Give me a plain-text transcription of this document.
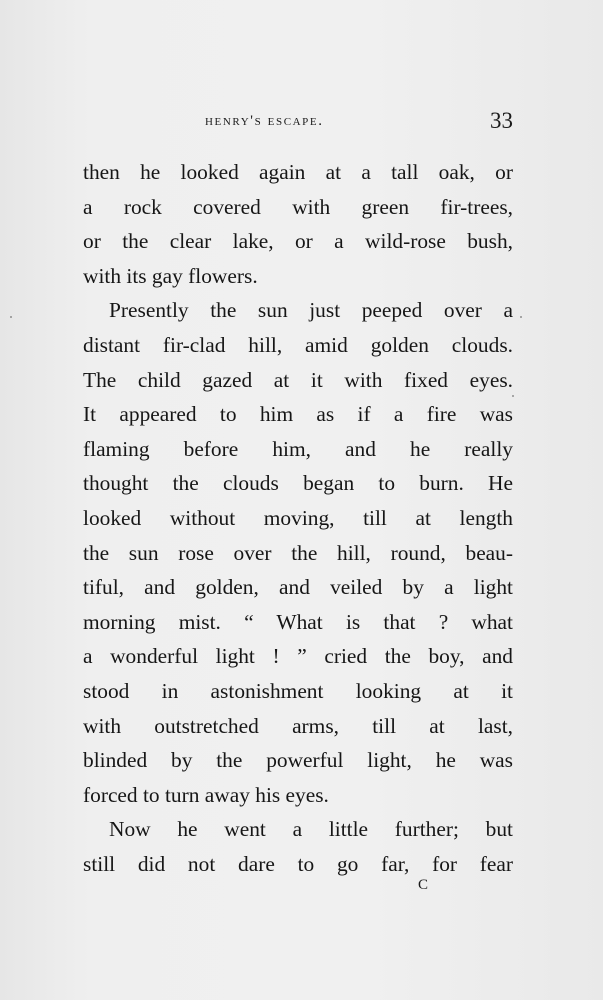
henry's escape.	33
then he looked again at a tall oak, or
a rock covered with green fir-trees,
or the clear lake, or a wild-rose bush,
with its gay flowers.
Presently the sun just peeped over a
distant fir-clad hill, amid golden clouds.
The child gazed at it with fixed eyes.
It appeared to him as if a fire was
flaming before him, and he really
thought the clouds began to burn. He
looked without moving, till at length
the sun rose over the hill, round, beau-
tiful, and golden, and veiled by a light
morning mist. “ What is that ? what
a wonderful light ! ” cried the boy, and
stood in astonishment looking at it
with outstretched arms, till at last,
blinded by the powerful light, he was
forced to turn away his eyes.
Now he went a little further; but
still did not dare to go far, for fear
C
